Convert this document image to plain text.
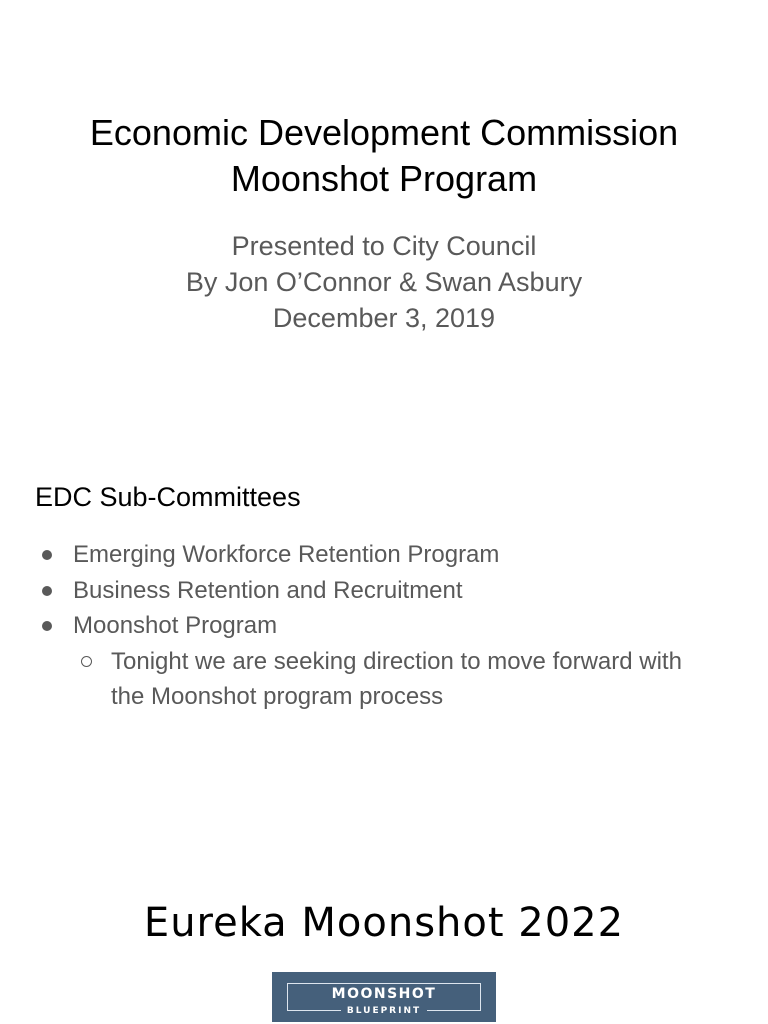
Economic Development Commission
Moonshot Program
Presented to City Council
By Jon O’Connor & Swan Asbury
December 3, 2019
EDC Sub-Committees
Emerging Workforce Retention Program
Business Retention and Recruitment
Moonshot Program
Tonight we are seeking direction to move forward with
the Moonshot program process
Eureka Moonshot 2022
MOONSHOT
BLUEPRINT
